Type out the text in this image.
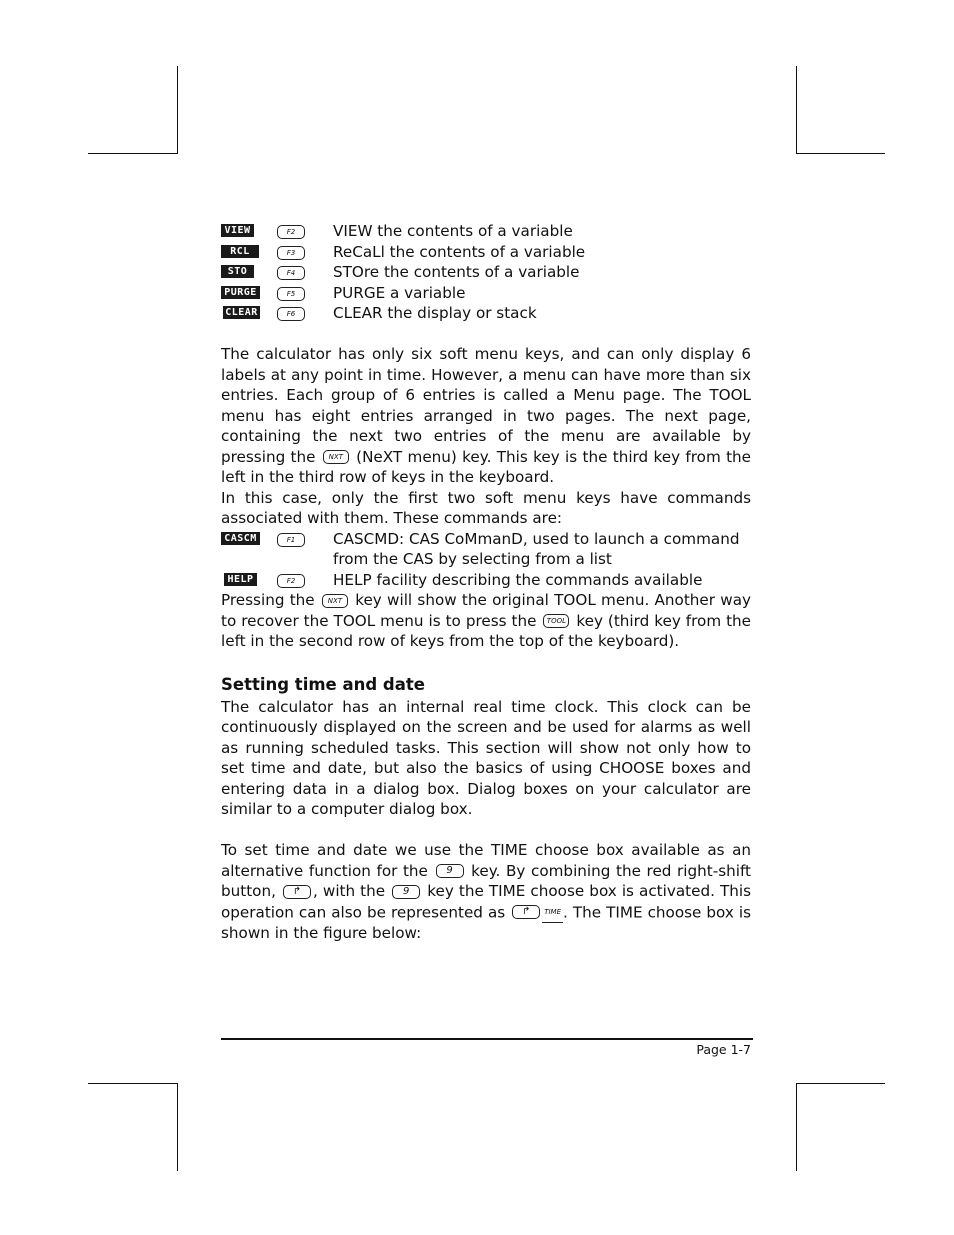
VIEW	F2	VIEW the contents of a variable
RCL	F3	ReCaLl the contents of a variable
STO	F4	STOre the contents of a variable
PURGE	F5	PURGE a variable
CLEAR	F6	CLEAR the display or stack

The calculator has only six soft menu keys, and can only display 6 labels at any point in time. However, a menu can have more than six entries. Each group of 6 entries is called a Menu page. The TOOL menu has eight entries arranged in two pages. The next page, containing the next two entries of the menu are available by pressing the NXT (NeXT menu) key. This key is the third key from the left in the third row of keys in the keyboard.

In this case, only the first two soft menu keys have commands associated with them. These commands are:

CASCM	F1	CASCMD: CAS CoMmanD, used to launch a command from the CAS by selecting from a list
HELP	F2	HELP facility describing the commands available

Pressing the NXT key will show the original TOOL menu. Another way to recover the TOOL menu is to press the TOOL key (third key from the left in the second row of keys from the top of the keyboard).

Setting time and date

The calculator has an internal real time clock. This clock can be continuously displayed on the screen and be used for alarms as well as running scheduled tasks. This section will show not only how to set time and date, but also the basics of using CHOOSE boxes and entering data in a dialog box. Dialog boxes on your calculator are similar to a computer dialog box.

To set time and date we use the TIME choose box available as an alternative function for the 9 key. By combining the red right-shift button, ↱ , with the 9 key the TIME choose box is activated. This operation can also be represented as ↱ TIME . The TIME choose box is shown in the figure below:

Page 1-7
